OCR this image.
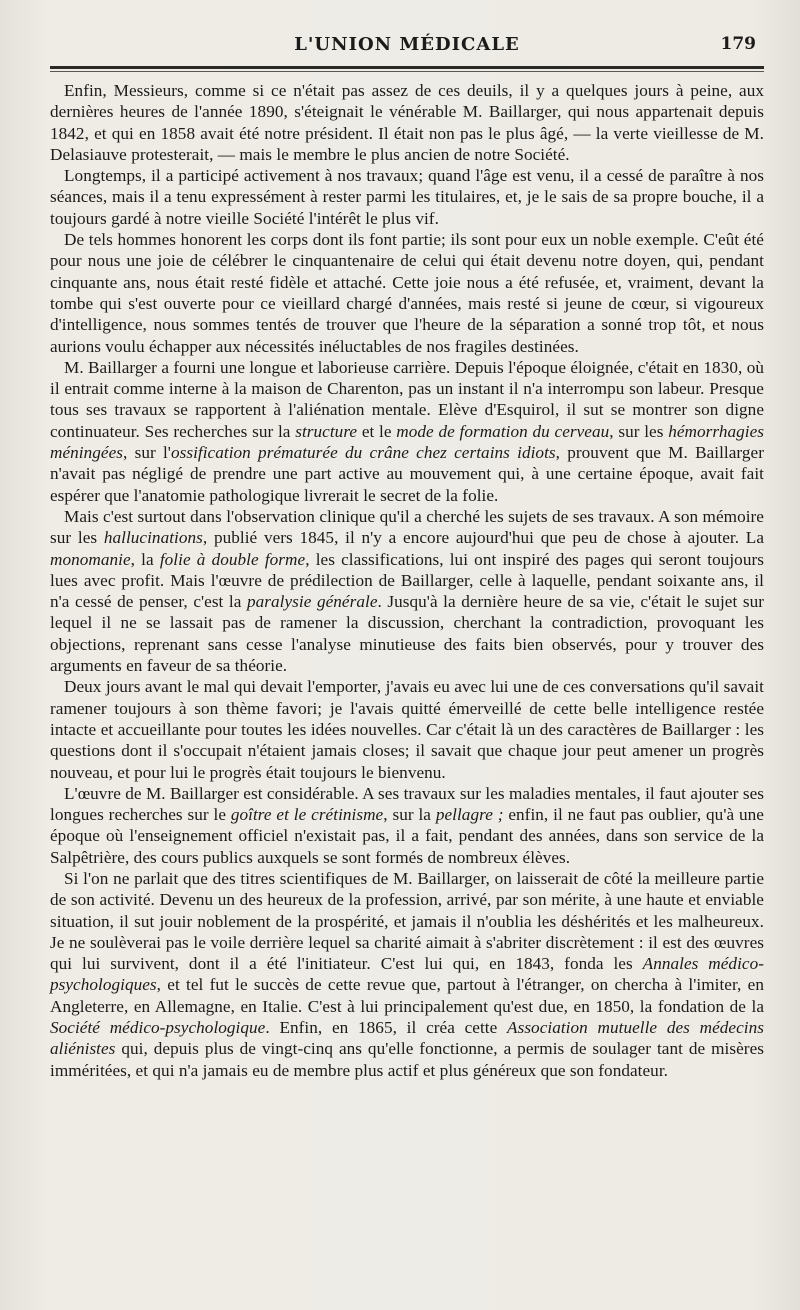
L'UNION MÉDICALE	179

Enfin, Messieurs, comme si ce n'était pas assez de ces deuils, il y a quelques jours à peine, aux dernières heures de l'année 1890, s'éteignait le vénérable M. Baillarger, qui nous appartenait depuis 1842, et qui en 1858 avait été notre président. Il était non pas le plus âgé, — la verte vieillesse de M. Delasiauve protesterait, — mais le membre le plus ancien de notre Société.

Longtemps, il a participé activement à nos travaux; quand l'âge est venu, il a cessé de paraître à nos séances, mais il a tenu expressément à rester parmi les titulaires, et, je le sais de sa propre bouche, il a toujours gardé à notre vieille Société l'intérêt le plus vif.

De tels hommes honorent les corps dont ils font partie; ils sont pour eux un noble exemple. C'eût été pour nous une joie de célébrer le cinquantenaire de celui qui était devenu notre doyen, qui, pendant cinquante ans, nous était resté fidèle et attaché. Cette joie nous a été refusée, et, vraiment, devant la tombe qui s'est ouverte pour ce vieillard chargé d'années, mais resté si jeune de cœur, si vigoureux d'intelligence, nous sommes tentés de trouver que l'heure de la séparation a sonné trop tôt, et nous aurions voulu échapper aux nécessités inéluctables de nos fragiles destinées.

M. Baillarger a fourni une longue et laborieuse carrière. Depuis l'époque éloignée, c'était en 1830, où il entrait comme interne à la maison de Charenton, pas un instant il n'a interrompu son labeur. Presque tous ses travaux se rapportent à l'aliénation mentale. Elève d'Esquirol, il sut se montrer son digne continuateur. Ses recherches sur la structure et le mode de formation du cerveau, sur les hémorrhagies méningées, sur l'ossification prématurée du crâne chez certains idiots, prouvent que M. Baillarger n'avait pas négligé de prendre une part active au mouvement qui, à une certaine époque, avait fait espérer que l'anatomie pathologique livrerait le secret de la folie.

Mais c'est surtout dans l'observation clinique qu'il a cherché les sujets de ses travaux. A son mémoire sur les hallucinations, publié vers 1845, il n'y a encore aujourd'hui que peu de chose à ajouter. La monomanie, la folie à double forme, les classifications, lui ont inspiré des pages qui seront toujours lues avec profit. Mais l'œuvre de prédilection de Baillarger, celle à laquelle, pendant soixante ans, il n'a cessé de penser, c'est la paralysie générale. Jusqu'à la dernière heure de sa vie, c'était le sujet sur lequel il ne se lassait pas de ramener la discussion, cherchant la contradiction, provoquant les objections, reprenant sans cesse l'analyse minutieuse des faits bien observés, pour y trouver des arguments en faveur de sa théorie.

Deux jours avant le mal qui devait l'emporter, j'avais eu avec lui une de ces conversations qu'il savait ramener toujours à son thème favori; je l'avais quitté émerveillé de cette belle intelligence restée intacte et accueillante pour toutes les idées nouvelles. Car c'était là un des caractères de Baillarger : les questions dont il s'occupait n'étaient jamais closes; il savait que chaque jour peut amener un progrès nouveau, et pour lui le progrès était toujours le bienvenu.

L'œuvre de M. Baillarger est considérable. A ses travaux sur les maladies mentales, il faut ajouter ses longues recherches sur le goître et le crétinisme, sur la pellagre ; enfin, il ne faut pas oublier, qu'à une époque où l'enseignement officiel n'existait pas, il a fait, pendant des années, dans son service de la Salpêtrière, des cours publics auxquels se sont formés de nombreux élèves.

Si l'on ne parlait que des titres scientifiques de M. Baillarger, on laisserait de côté la meilleure partie de son activité. Devenu un des heureux de la profession, arrivé, par son mérite, à une haute et enviable situation, il sut jouir noblement de la prospérité, et jamais il n'oublia les déshérités et les malheureux. Je ne soulèverai pas le voile derrière lequel sa charité aimait à s'abriter discrètement : il est des œuvres qui lui survivent, dont il a été l'initiateur. C'est lui qui, en 1843, fonda les Annales médico-psychologiques, et tel fut le succès de cette revue que, partout à l'étranger, on chercha à l'imiter, en Angleterre, en Allemagne, en Italie. C'est à lui principalement qu'est due, en 1850, la fondation de la Société médico-psychologique. Enfin, en 1865, il créa cette Association mutuelle des médecins aliénistes qui, depuis plus de vingt-cinq ans qu'elle fonctionne, a permis de soulager tant de misères imméritées, et qui n'a jamais eu de membre plus actif et plus généreux que son fondateur.
